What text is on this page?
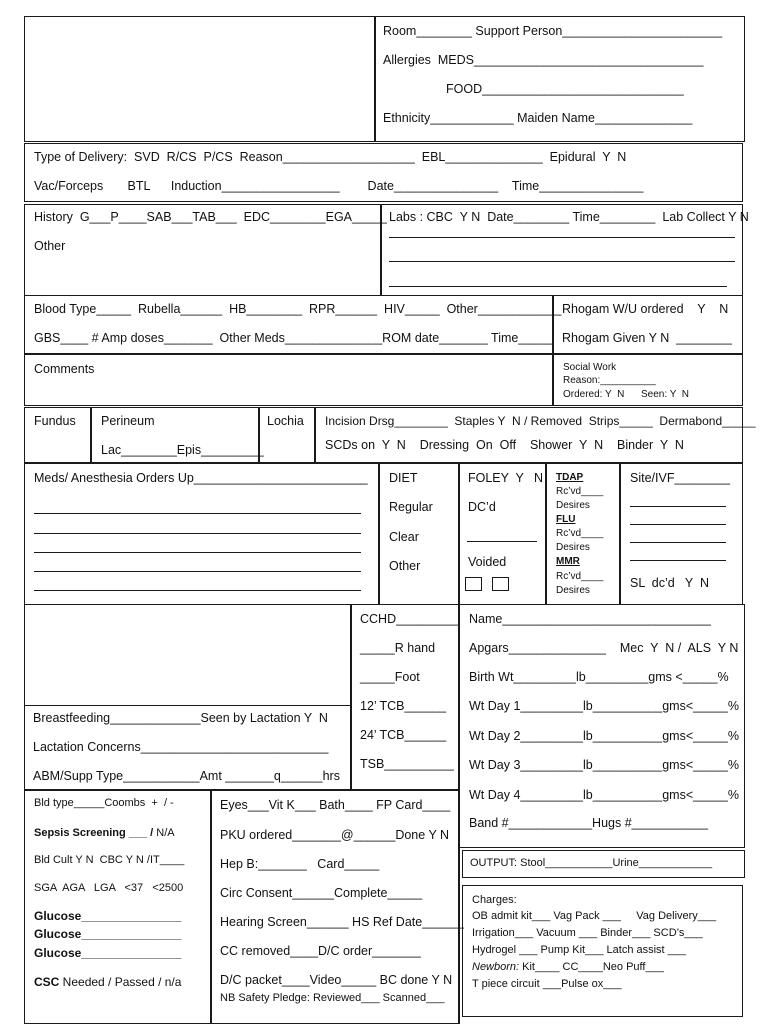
Room________ Support Person_______________________
Allergies  MEDS_________________________________
FOOD_____________________________
Ethnicity____________ Maiden Name______________
Type of Delivery:  SVD  R/CS  P/CS  Reason___________________  EBL______________  Epidural  Y  N
Vac/Forceps       BTL      Induction_________________        Date_______________    Time_______________
History  G___P____SAB___TAB___  EDC________EGA_____
Other
Labs : CBC  Y N  Date________ Time________  Lab Collect Y N
Blood Type_____  Rubella______  HB________  RPR______  HIV_____  Other____________
GBS____ # Amp doses_______  Other Meds______________ROM date_______ Time_____
Rhogam W/U ordered    Y    N
Rhogam Given Y N  ________
Comments	Social Work
Reason:__________
Ordered: Y  N      Seen: Y  N
Fundus Perineum
Lac________Epis_________
Lochia Incision Drsg________  Staples Y  N / Removed  Strips_____  Dermabond_____
SCDs on  Y  N    Dressing  On  Off    Shower  Y  N    Binder  Y  N
Meds/ Anesthesia Orders Up_________________________ DIET
Regular
Clear
Other
FOLEY  Y   N
DC’d
Voided
TDAP
Rc’vd____
Desires
FLU
Rc’vd____
Desires
MMR
Rc’vd____
Desires
Site/IVF________
SL  dc’d   Y  N
Breastfeeding_____________Seen by Lactation Y  N
Lactation Concerns___________________________
ABM/Supp Type___________Amt _______q______hrs
CCHD_________
_____R hand
_____Foot
12’ TCB______
24’ TCB______
TSB__________
Name______________________________
Apgars______________    Mec  Y  N /  ALS  Y N
Birth Wt_________lb_________gms <_____%
Wt Day 1_________lb__________gms<_____%
Wt Day 2_________lb__________gms<_____%
Wt Day 3_________lb__________gms<_____%
Wt Day 4_________lb__________gms<_____%
Band #____________Hugs #___________
Bld type_____Coombs  +  / -
Sepsis Screening ___ / N/A
Bld Cult Y N  CBC Y N /IT____
SGA  AGA   LGA   <37   <2500
Glucose_______________
Glucose_______________
Glucose_______________
CSC Needed / Passed / n/a
Eyes___Vit K___ Bath____ FP Card____
PKU ordered_______@______Done Y N
Hep B:_______   Card_____
Circ Consent______Complete_____
Hearing Screen______ HS Ref Date______
CC removed____D/C order_______
D/C packet____Video_____ BC done Y N
NB Safety Pledge: Reviewed___ Scanned___
OUTPUT: Stool___________Urine____________
Charges:
OB admit kit___ Vag Pack ___     Vag Delivery___
Irrigation___ Vacuum ___ Binder___ SCD’s___
Hydrogel ___ Pump Kit___ Latch assist ___
Newborn: Kit____ CC____Neo Puff___
T piece circuit ___Pulse ox___
